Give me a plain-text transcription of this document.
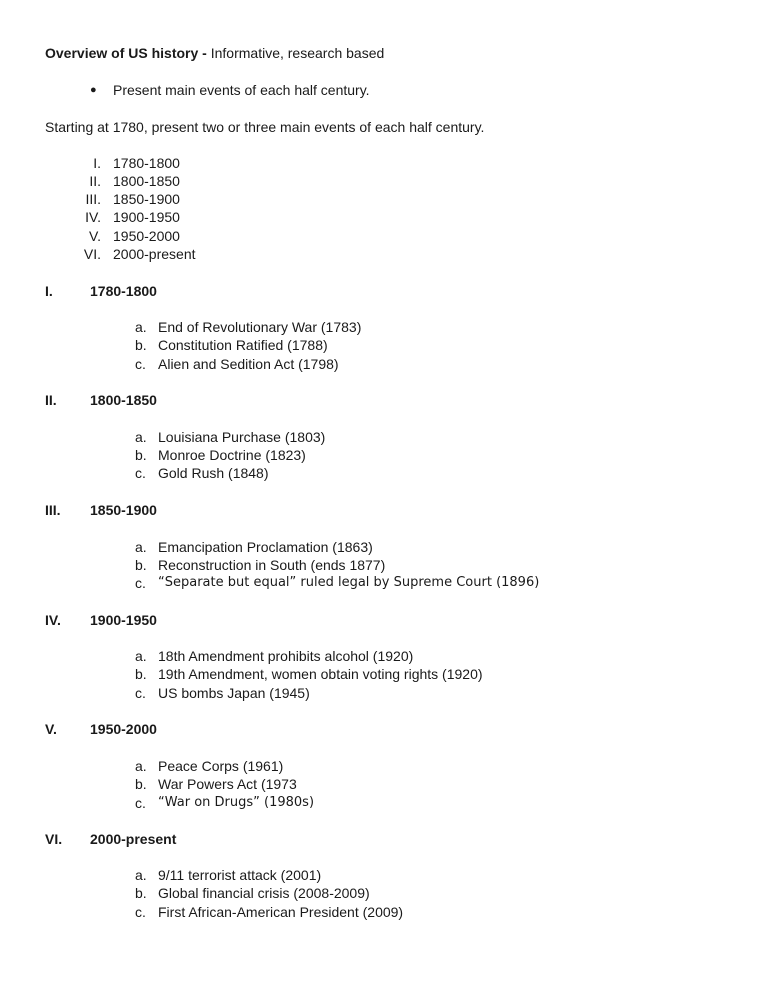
Overview of US history - Informative, research based
● Present main events of each half century.
Starting at 1780, present two or three main events of each half century.
I. 1780-1800
II. 1800-1850
III. 1850-1900
IV. 1900-1950
V. 1950-2000
VI. 2000-present
I.	1780-1800
a. End of Revolutionary War (1783)
b. Constitution Ratified (1788)
c. Alien and Sedition Act (1798)
II. 1800-1850
a. Louisiana Purchase (1803)
b. Monroe Doctrine (1823)
c. Gold Rush (1848)
III. 1850-1900
a. Emancipation Proclamation (1863)
b. Reconstruction in South (ends 1877)
c. “Separate but equal” ruled legal by Supreme Court (1896)
IV. 1900-1950
a. 18th Amendment prohibits alcohol (1920)
b. 19th Amendment, women obtain voting rights (1920)
c. US bombs Japan (1945)
V. 1950-2000
a. Peace Corps (1961)
b. War Powers Act (1973
c. “War on Drugs” (1980s)
VI. 2000-present
a. 9/11 terrorist attack (2001)
b. Global financial crisis (2008-2009)
c. First African-American President (2009)
